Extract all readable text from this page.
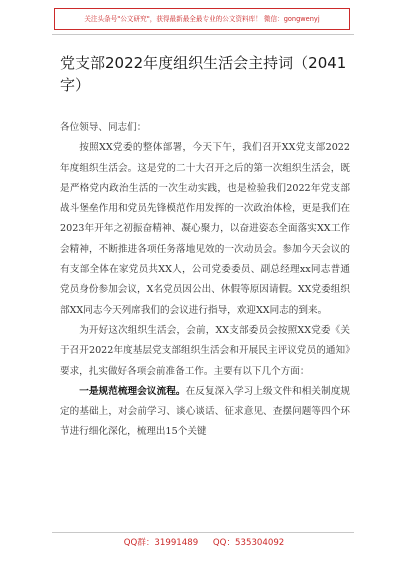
关注头条号"公文研究"，获得最新最全最专业的公文资料库！ 微信：gongwenyj
党支部2022年度组织生活会主持词（2041字）

各位领导、同志们：

按照XX党委的整体部署，今天下午，我们召开XX党支部2022年度组织生活会。这是党的二十大召开之后的第一次组织生活会，既是严格党内政治生活的一次生动实践，也是检验我们2022年党支部战斗堡垒作用和党员先锋模范作用发挥的一次政治体检，更是我们在2023年开年之初振奋精神、凝心聚力，以奋进姿态全面落实XX工作会精神，不断推进各项任务落地见效的一次动员会。参加今天会议的有支部全体在家党员共XX人，公司党委委员、副总经理xx同志普通党员身份参加会议，X名党员因公出、休假等原因请假。XX党委组织部XX同志今天列席我们的会议进行指导，欢迎XX同志的到来。

为开好这次组织生活会，会前，XX支部委员会按照XX党委《关于召开2022年度基层党支部组织生活会和开展民主评议党员的通知》要求，扎实做好各项会前准备工作。主要有以下几个方面：

一是规范梳理会议流程。在反复深入学习上级文件和相关制度规定的基础上，对会前学习、谈心谈话、征求意见、查摆问题等四个环节进行细化深化，梳理出15个关键

QQ群：31991489 QQ：535304092
